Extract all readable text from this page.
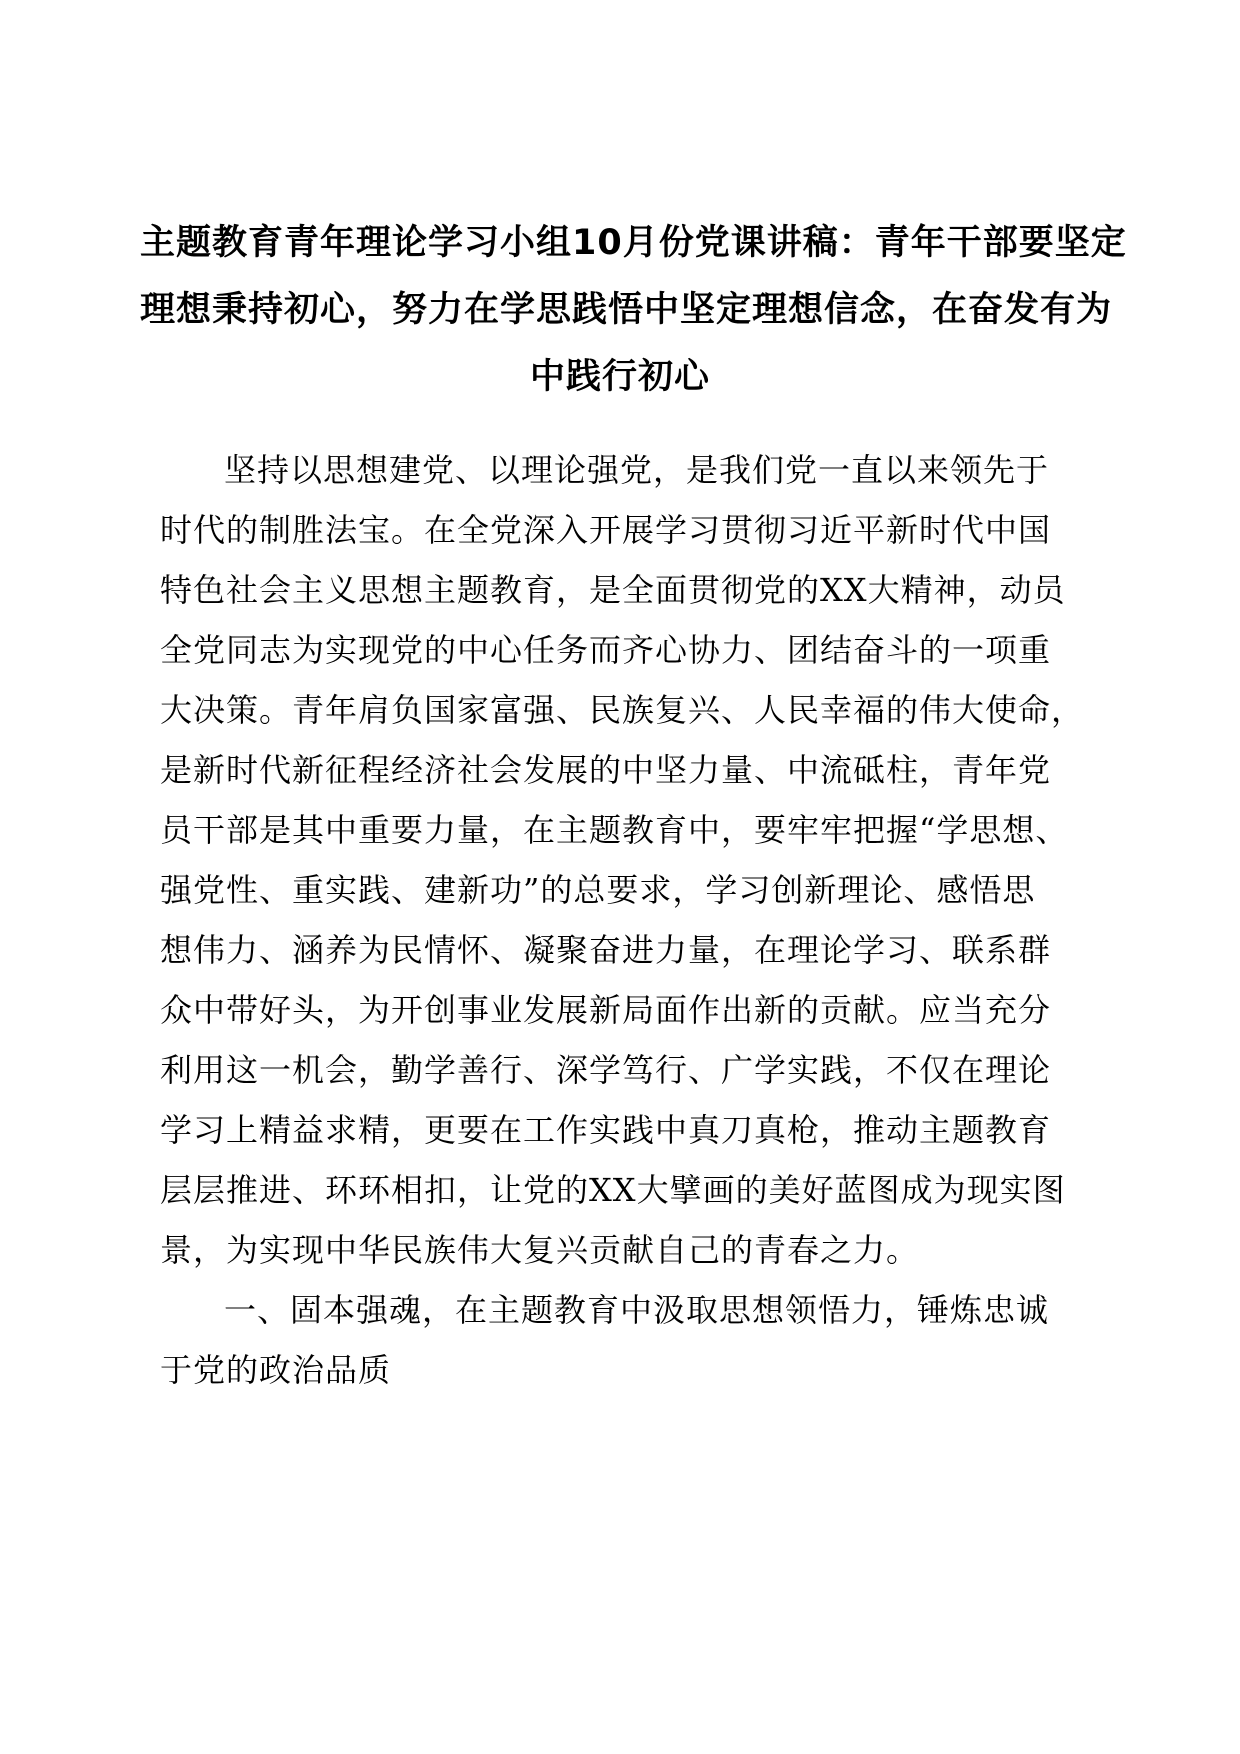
主题教育青年理论学习小组10月份党课讲稿：青年干部要坚定
理想秉持初心，努力在学思践悟中坚定理想信念，在奋发有为
中践行初心
坚持以思想建党、以理论强党，是我们党一直以来领先于
时代的制胜法宝。在全党深入开展学习贯彻习近平新时代中国
特色社会主义思想主题教育，是全面贯彻党的XX大精神，动员
全党同志为实现党的中心任务而齐心协力、团结奋斗的一项重
大决策。青年肩负国家富强、民族复兴、人民幸福的伟大使命，
是新时代新征程经济社会发展的中坚力量、中流砥柱，青年党
员干部是其中重要力量，在主题教育中，要牢牢把握“学思想、
强党性、重实践、建新功”的总要求，学习创新理论、感悟思
想伟力、涵养为民情怀、凝聚奋进力量，在理论学习、联系群
众中带好头，为开创事业发展新局面作出新的贡献。应当充分
利用这一机会，勤学善行、深学笃行、广学实践，不仅在理论
学习上精益求精，更要在工作实践中真刀真枪，推动主题教育
层层推进、环环相扣，让党的XX大擘画的美好蓝图成为现实图
景，为实现中华民族伟大复兴贡献自己的青春之力。
一、固本强魂，在主题教育中汲取思想领悟力，锤炼忠诚
于党的政治品质
